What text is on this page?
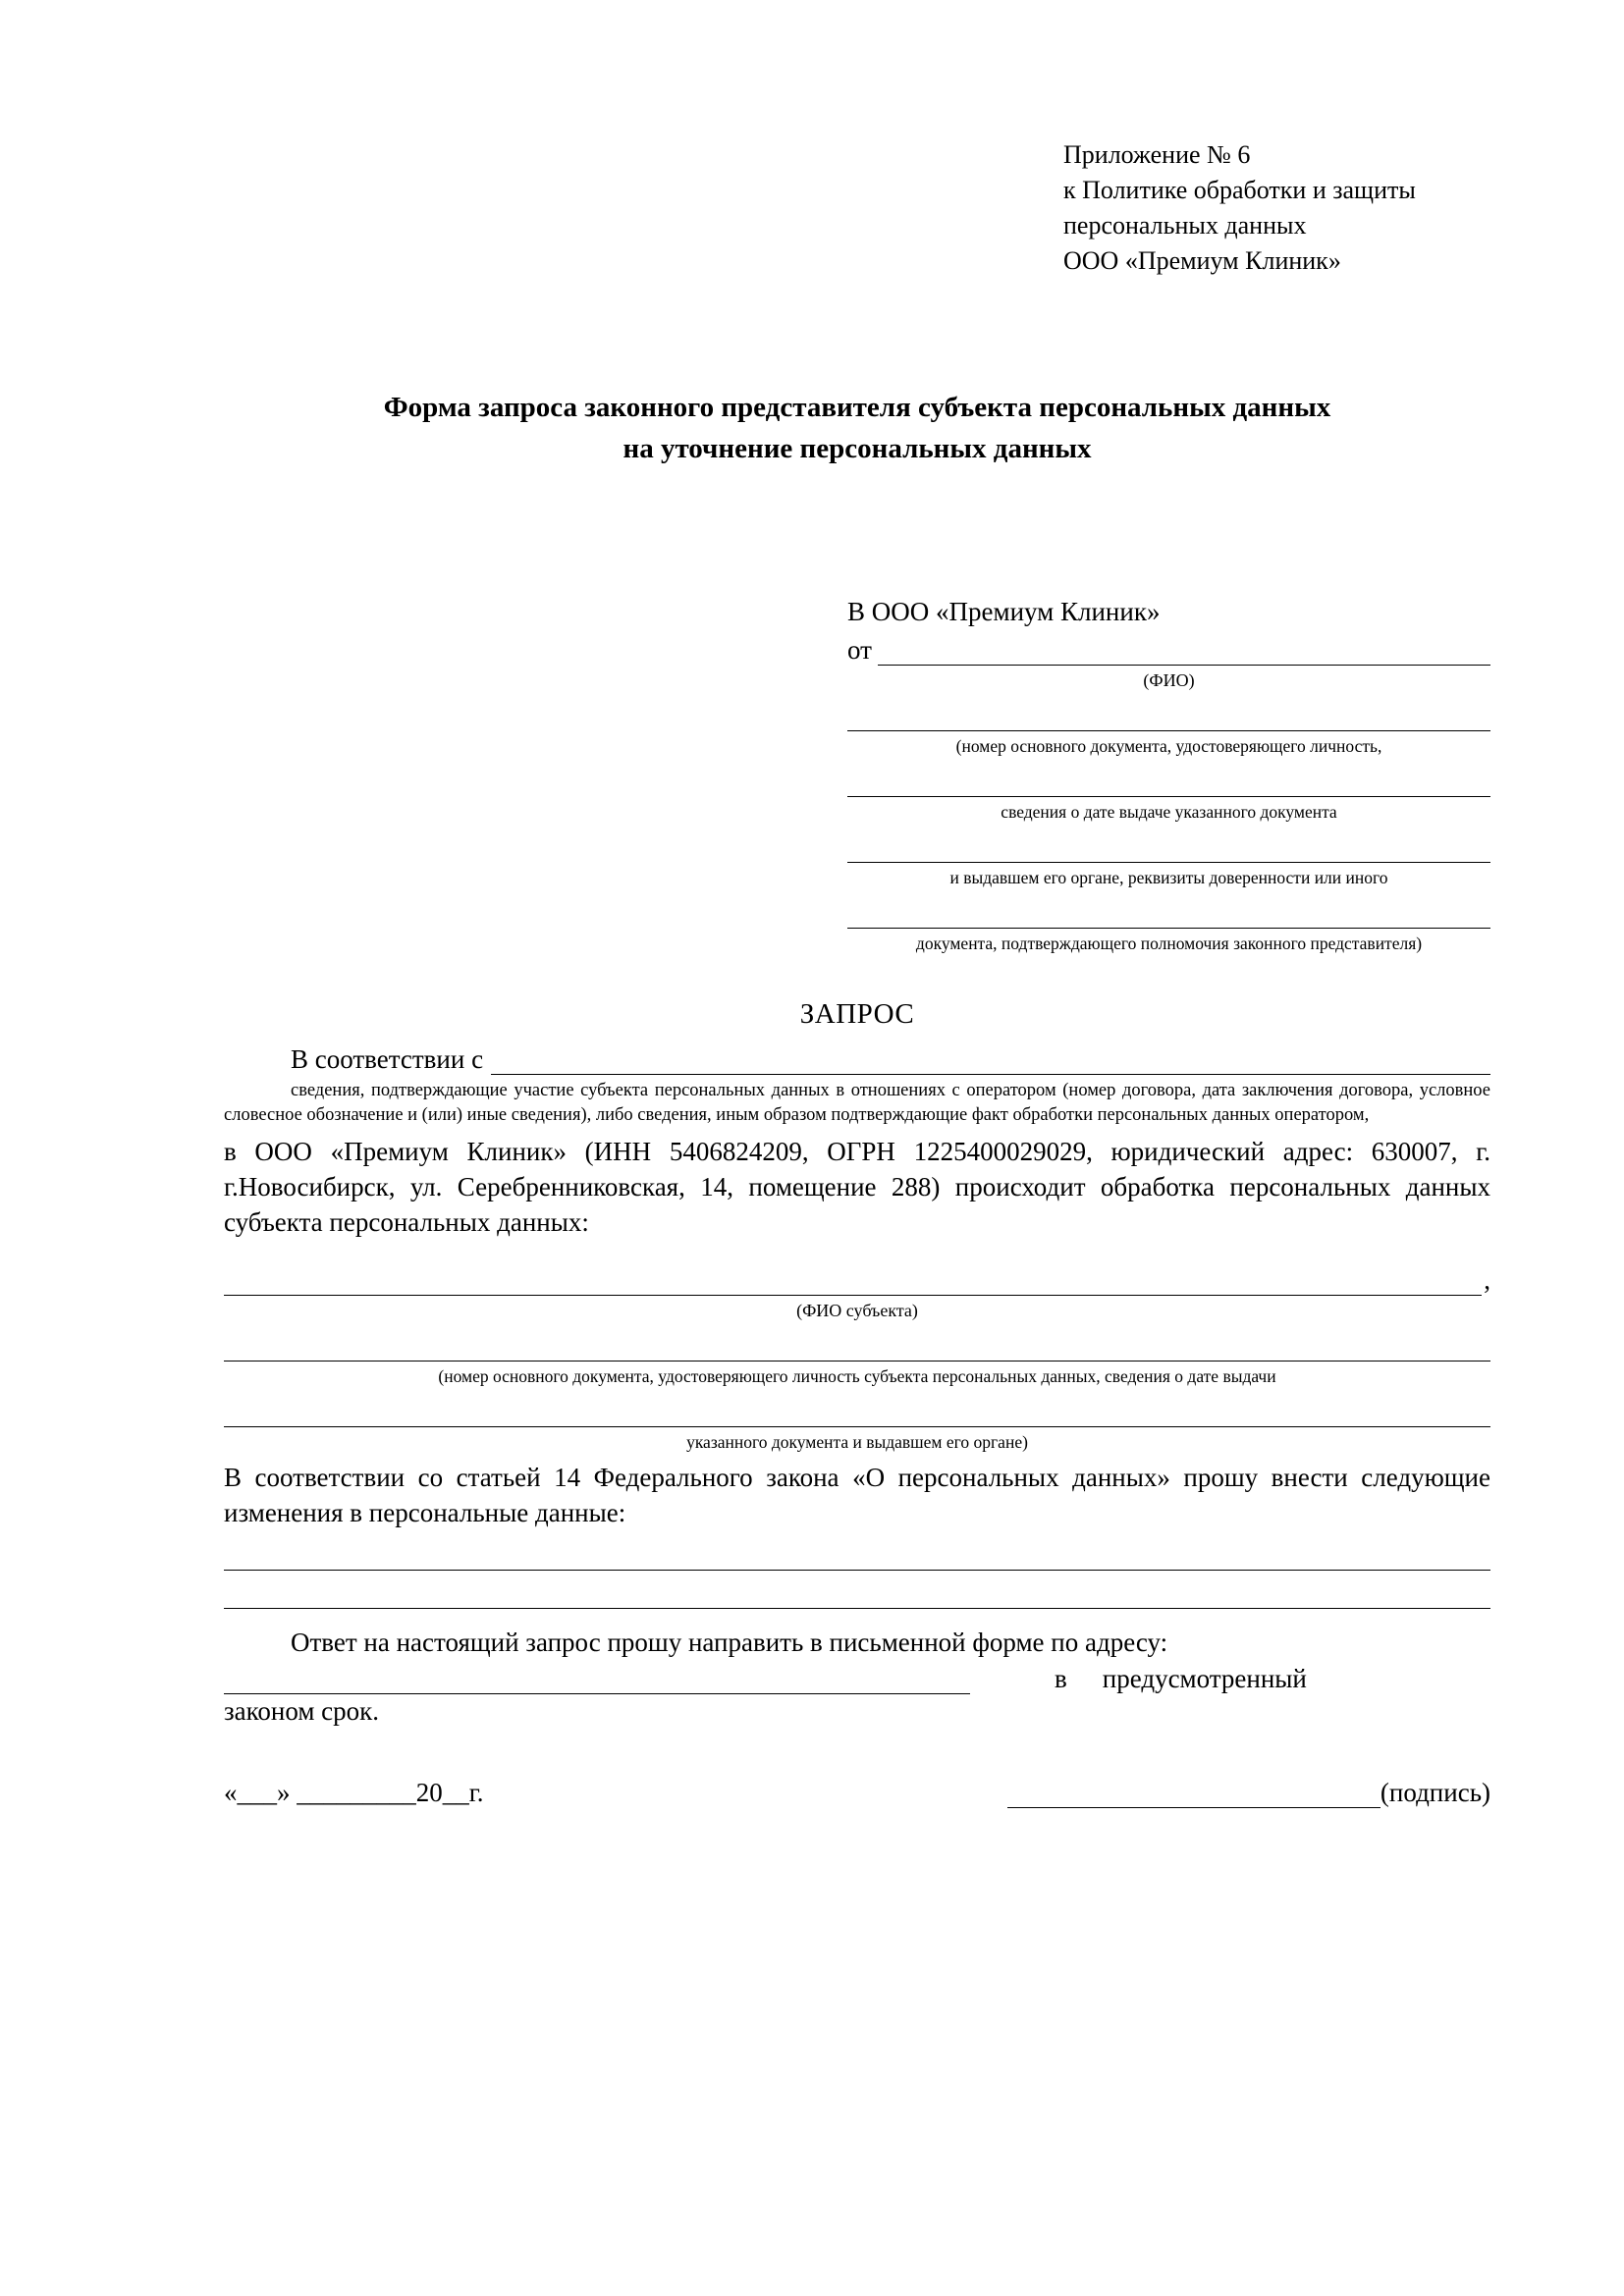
Приложение № 6
к Политике обработки и защиты
персональных данных
ООО «Премиум Клиник»
Форма запроса законного представителя субъекта персональных данных
на уточнение персональных данных
В ООО «Премиум Клиник»
от
(ФИО)
(номер основного документа, удостоверяющего личность,
сведения о дате выдаче указанного документа
и выдавшем его органе, реквизиты доверенности или иного
документа, подтверждающего полномочия законного представителя)
ЗАПРОС
В соответствии с
сведения, подтверждающие участие субъекта персональных данных в отношениях с оператором (номер договора, дата заключения договора, условное словесное обозначение и (или) иные сведения), либо сведения, иным образом подтверждающие факт обработки персональных данных оператором,

в ООО «Премиум Клиник» (ИНН 5406824209, ОГРН 1225400029029, юридический адрес: 630007, г. г.Новосибирск, ул. Серебренниковская, 14, помещение 288) происходит обработка персональных данных субъекта персональных данных:

,
(ФИО субъекта)
(номер основного документа, удостоверяющего личность субъекта персональных данных, сведения о дате выдачи
указанного документа и выдавшем его органе)

В соответствии со статьей 14 Федерального закона «О персональных данных» прошу внести следующие изменения в персональные данные:

Ответ на настоящий запрос прошу направить в письменной форме по адресу:

в	предусмотренный
законом срок.
«___» _________20__г.	(подпись)
